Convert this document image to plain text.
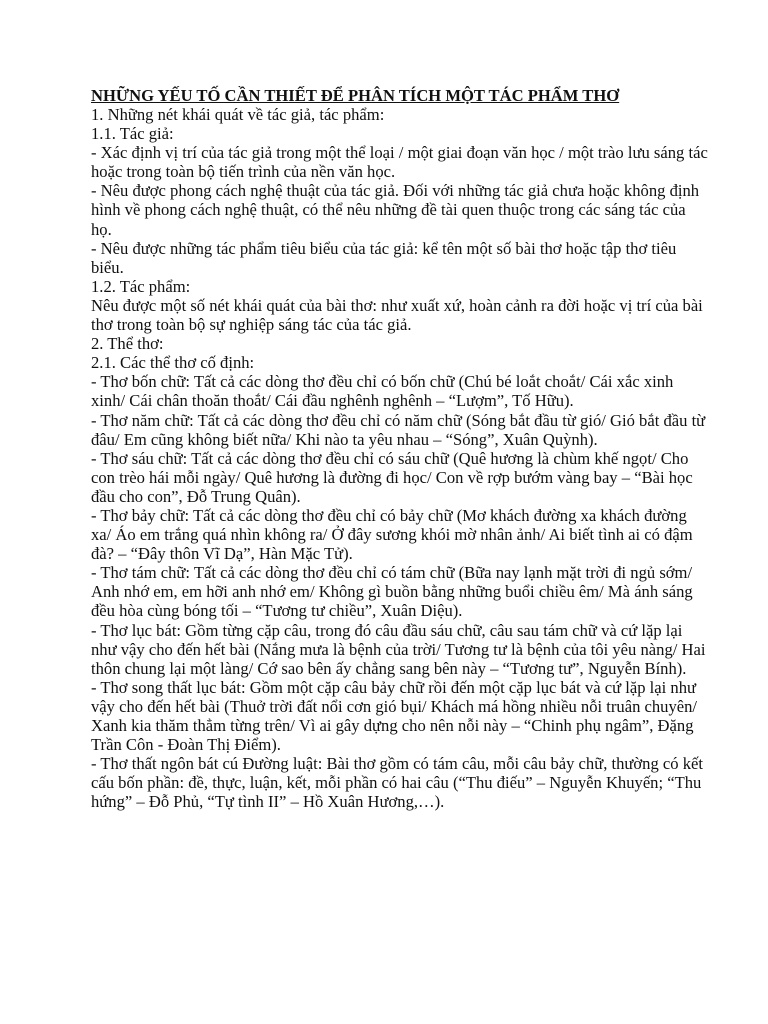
NHỮNG YẾU TỐ CẦN THIẾT ĐỂ PHÂN TÍCH MỘT TÁC PHẨM THƠ

1. Những nét khái quát về tác giả, tác phẩm:

1.1. Tác giả:

- Xác định vị trí của tác giả trong một thể loại / một giai đoạn văn học / một trào lưu sáng tác hoặc trong toàn bộ tiến trình của nền văn học.

- Nêu được phong cách nghệ thuật của tác giả. Đối với những tác giả chưa hoặc không định hình về phong cách nghệ thuật, có thể nêu những đề tài quen thuộc trong các sáng tác của họ.

- Nêu được những tác phẩm tiêu biểu của tác giả: kể tên một số bài thơ hoặc tập thơ tiêu biểu.

1.2. Tác phẩm:

Nêu được một số nét khái quát của bài thơ: như xuất xứ, hoàn cảnh ra đời hoặc vị trí của bài thơ trong toàn bộ sự nghiệp sáng tác của tác giả.

2. Thể thơ:

2.1. Các thể thơ cố định:

- Thơ bốn chữ: Tất cả các dòng thơ đều chỉ có bốn chữ (Chú bé loắt choắt/ Cái xắc xinh xinh/ Cái chân thoăn thoắt/ Cái đầu nghênh nghênh – “Lượm”, Tố Hữu).

- Thơ năm chữ: Tất cả các dòng thơ đều chỉ có năm chữ (Sóng bắt đầu từ gió/ Gió bắt đầu từ đâu/ Em cũng không biết nữa/ Khi nào ta yêu nhau – “Sóng”, Xuân Quỳnh).

- Thơ sáu chữ: Tất cả các dòng thơ đều chỉ có sáu chữ (Quê hương là chùm khế ngọt/ Cho con trèo hái mỗi ngày/ Quê hương là đường đi học/ Con về rợp bướm vàng bay – “Bài học đầu cho con”, Đỗ Trung Quân).

- Thơ bảy chữ: Tất cả các dòng thơ đều chỉ có bảy chữ (Mơ khách đường xa khách đường xa/ Áo em trắng quá nhìn không ra/ Ở đây sương khói mờ nhân ảnh/ Ai biết tình ai có đậm đà? – “Đây thôn Vĩ Dạ”, Hàn Mặc Tử).

- Thơ tám chữ: Tất cả các dòng thơ đều chỉ có tám chữ (Bữa nay lạnh mặt trời đi ngủ sớm/ Anh nhớ em, em hỡi anh nhớ em/ Không gì buồn bằng những buổi chiều êm/ Mà ánh sáng đều hòa cùng bóng tối – “Tương tư chiều”, Xuân Diệu).

- Thơ lục bát: Gồm từng cặp câu, trong đó câu đầu sáu chữ, câu sau tám chữ và cứ lặp lại như vậy cho đến hết bài (Nắng mưa là bệnh của trời/ Tương tư là bệnh của tôi yêu nàng/ Hai thôn chung lại một làng/ Cớ sao bên ấy chẳng sang bên này – “Tương tư”, Nguyễn Bính).

- Thơ song thất lục bát: Gồm một cặp câu bảy chữ rồi đến một cặp lục bát và cứ lặp lại như vậy cho đến hết bài (Thuở trời đất nổi cơn gió bụi/ Khách má hồng nhiều nỗi truân chuyên/ Xanh kia thăm thẳm từng trên/ Vì ai gây dựng cho nên nỗi này – “Chinh phụ ngâm”, Đặng Trần Côn - Đoàn Thị Điểm).

- Thơ thất ngôn bát cú Đường luật: Bài thơ gồm có tám câu, mỗi câu bảy chữ, thường có kết cấu bốn phần: đề, thực, luận, kết, mỗi phần có hai câu (“Thu điếu” – Nguyễn Khuyến; “Thu hứng” – Đỗ Phủ, “Tự tình II” – Hồ Xuân Hương,…).
